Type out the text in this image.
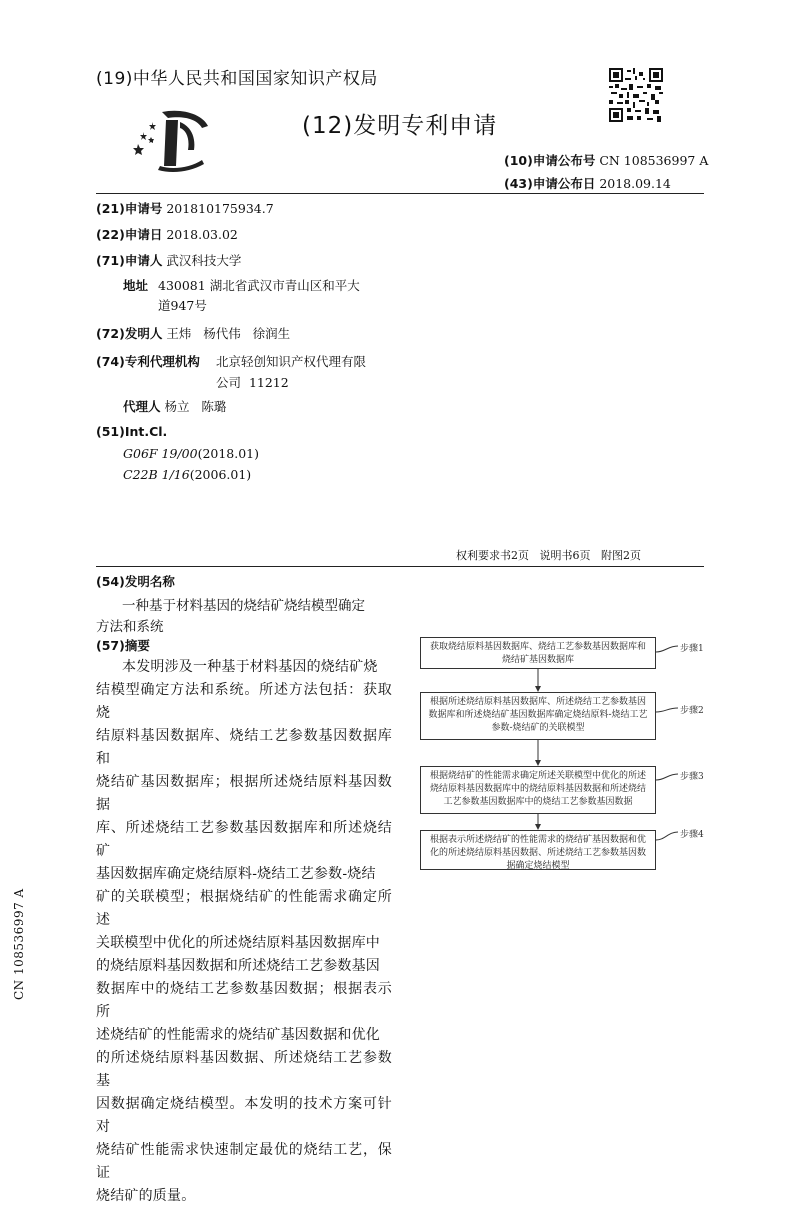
(19)中华人民共和国国家知识产权局
(12)发明专利申请
(10)申请公布号 CN 108536997 A
(43)申请公布日 2018.09.14
(21)申请号 201810175934.7
(22)申请日 2018.03.02
(71)申请人 武汉科技大学
地址 430081 湖北省武汉市青山区和平大
道947号
(72)发明人 王炜   杨代伟   徐润生
(74)专利代理机构 北京轻创知识产权代理有限
公司  11212
代理人 杨立   陈璐
(51)Int.Cl.
G06F 19/00(2018.01)
C22B 1/16(2006.01)
权利要求书2页   说明书6页   附图2页
(54)发明名称
一种基于材料基因的烧结矿烧结模型确定
方法和系统
(57)摘要
本发明涉及一种基于材料基因的烧结矿烧
结模型确定方法和系统。所述方法包括：获取烧
结原料基因数据库、烧结工艺参数基因数据库和
烧结矿基因数据库；根据所述烧结原料基因数据
库、所述烧结工艺参数基因数据库和所述烧结矿
基因数据库确定烧结原料-烧结工艺参数-烧结
矿的关联模型；根据烧结矿的性能需求确定所述
关联模型中优化的所述烧结原料基因数据库中
的烧结原料基因数据和所述烧结工艺参数基因
数据库中的烧结工艺参数基因数据；根据表示所
述烧结矿的性能需求的烧结矿基因数据和优化
的所述烧结原料基因数据、所述烧结工艺参数基
因数据确定烧结模型。本发明的技术方案可针对
烧结矿性能需求快速制定最优的烧结工艺，保证
烧结矿的质量。
获取烧结原料基因数据库、烧结工艺参数基因数据库和烧结矿基因数据库
根据所述烧结原料基因数据库、所述烧结工艺参数基因数据库和所述烧结矿基因数据库确定烧结原料-烧结工艺参数-烧结矿的关联模型
根据烧结矿的性能需求确定所述关联模型中优化的所述烧结原料基因数据库中的烧结原料基因数据和所述烧结工艺参数基因数据库中的烧结工艺参数基因数据
根据表示所述烧结矿的性能需求的烧结矿基因数据和优化的所述烧结原料基因数据、所述烧结工艺参数基因数据确定烧结模型
步骤1
步骤2
步骤3
步骤4
CN 108536997 A
